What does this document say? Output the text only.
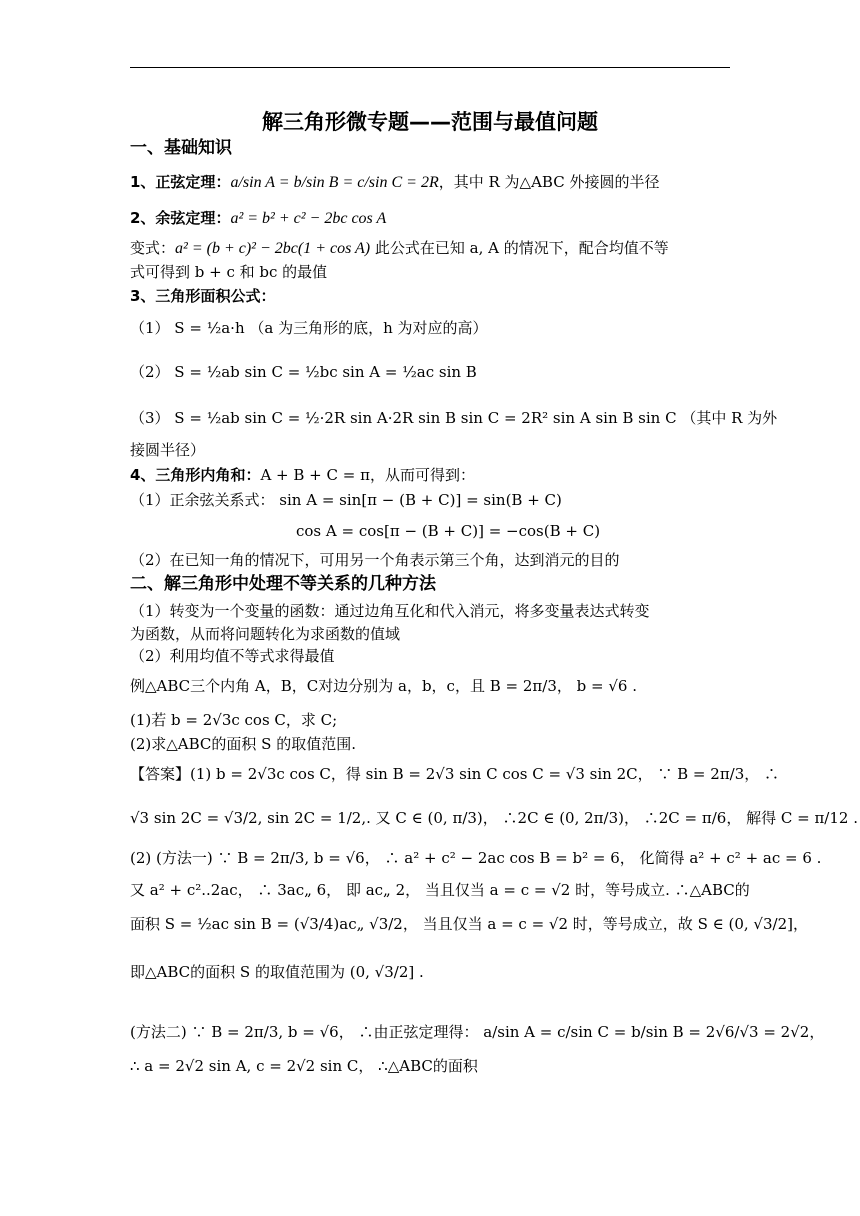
解三角形微专题——范围与最值问题
一、基础知识
1、正弦定理：a/sin A = b/sin B = c/sin C = 2R，其中 R 为△ABC 外接圆的半径
2、余弦定理：a² = b² + c² − 2bc cos A
变式：a² = (b + c)² − 2bc(1 + cos A) 此公式在已知 a, A 的情况下，配合均值不等
式可得到 b + c 和 bc 的最值
3、三角形面积公式：
（1） S = ½a·h （a 为三角形的底，h 为对应的高）
（2） S = ½ab sin C = ½bc sin A = ½ac sin B
（3） S = ½ab sin C = ½·2R sin A·2R sin B sin C = 2R² sin A sin B sin C （其中 R 为外
接圆半径）
4、三角形内角和：A + B + C = π，从而可得到：
（1）正余弦关系式： sin A = sin[π − (B + C)] = sin(B + C)
cos A = cos[π − (B + C)] = −cos(B + C)
（2）在已知一角的情况下，可用另一个角表示第三个角，达到消元的目的
二、解三角形中处理不等关系的几种方法
（1）转变为一个变量的函数：通过边角互化和代入消元，将多变量表达式转变
为函数，从而将问题转化为求函数的值域
（2）利用均值不等式求得最值
例△ABC三个内角 A，B，C对边分别为 a，b，c，且 B = 2π/3， b = √6 .
(1)若 b = 2√3c cos C，求 C;
(2)求△ABC的面积 S 的取值范围.
【答案】(1) b = 2√3c cos C，得 sin B = 2√3 sin C cos C = √3 sin 2C， ∵ B = 2π/3， ∴
√3 sin 2C = √3/2, sin 2C = 1/2,. 又 C ∈ (0, π/3)， ∴2C ∈ (0, 2π/3)， ∴2C = π/6， 解得 C = π/12 .
(2) (方法一) ∵ B = 2π/3, b = √6， ∴ a² + c² − 2ac cos B = b² = 6， 化简得 a² + c² + ac = 6 .
又 a² + c²..2ac， ∴ 3ac„ 6， 即 ac„ 2， 当且仅当 a = c = √2 时，等号成立. ∴△ABC的
面积 S = ½ac sin B = (√3/4)ac„ √3/2， 当且仅当 a = c = √2 时，等号成立，故 S ∈ (0, √3/2]，
即△ABC的面积 S 的取值范围为 (0, √3/2] .
(方法二) ∵ B = 2π/3, b = √6， ∴由正弦定理得： a/sin A = c/sin C = b/sin B = 2√6/√3 = 2√2，
∴ a = 2√2 sin A, c = 2√2 sin C， ∴△ABC的面积
